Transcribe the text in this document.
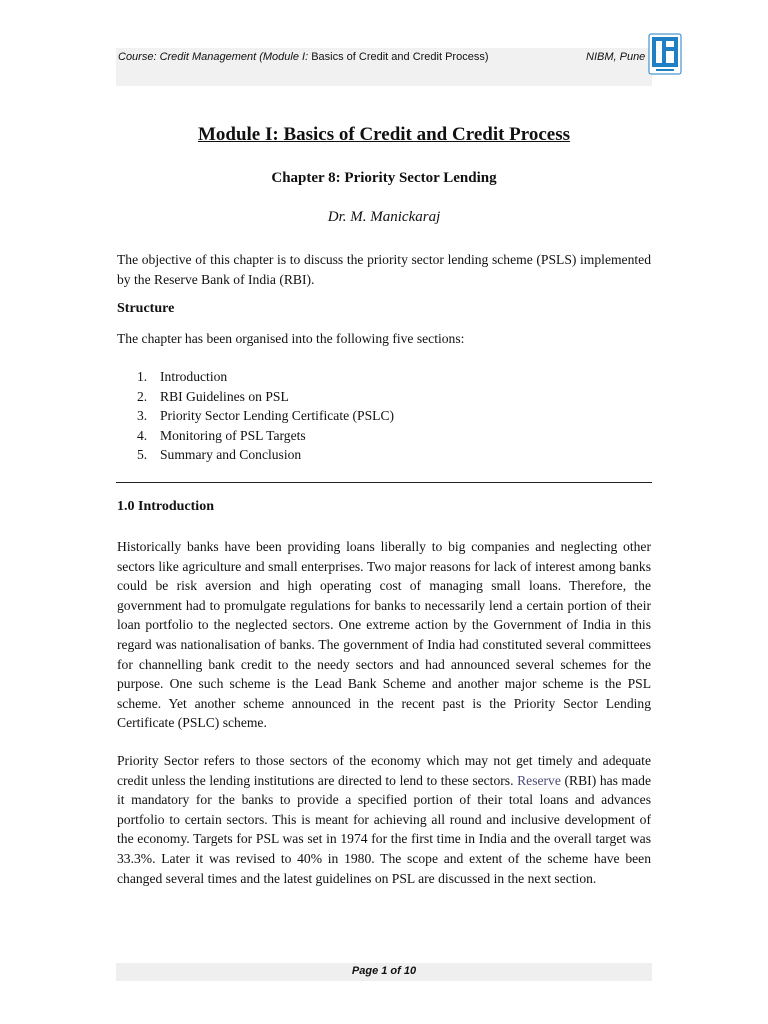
Course: Credit Management (Module I: Basics of Credit and Credit Process)	NIBM, Pune
Module I: Basics of Credit and Credit Process
Chapter 8: Priority Sector Lending

Dr. M. Manickaraj

The objective of this chapter is to discuss the priority sector lending scheme (PSLS) implemented by the Reserve Bank of India (RBI).

Structure

The chapter has been organised into the following five sections:

1. Introduction
2. RBI Guidelines on PSL
3. Priority Sector Lending Certificate (PSLC)
4. Monitoring of PSL Targets
5. Summary and Conclusion

1.0 Introduction

Historically banks have been providing loans liberally to big companies and neglecting other sectors like agriculture and small enterprises. Two major reasons for lack of interest among banks could be risk aversion and high operating cost of managing small loans. Therefore, the government had to promulgate regulations for banks to necessarily lend a certain portion of their loan portfolio to the neglected sectors. One extreme action by the Government of India in this regard was nationalisation of banks. The government of India had constituted several committees for channelling bank credit to the needy sectors and had announced several schemes for the purpose. One such scheme is the Lead Bank Scheme and another major scheme is the PSL scheme. Yet another scheme announced in the recent past is the Priority Sector Lending Certificate (PSLC) scheme.

Priority Sector refers to those sectors of the economy which may not get timely and adequate credit unless the lending institutions are directed to lend to these sectors. Reserve (RBI) has made it mandatory for the banks to provide a specified portion of their total loans and advances portfolio to certain sectors. This is meant for achieving all round and inclusive development of the economy. Targets for PSL was set in 1974 for the first time in India and the overall target was 33.3%. Later it was revised to 40% in 1980. The scope and extent of the scheme have been changed several times and the latest guidelines on PSL are discussed in the next section.

Page 1 of 10
